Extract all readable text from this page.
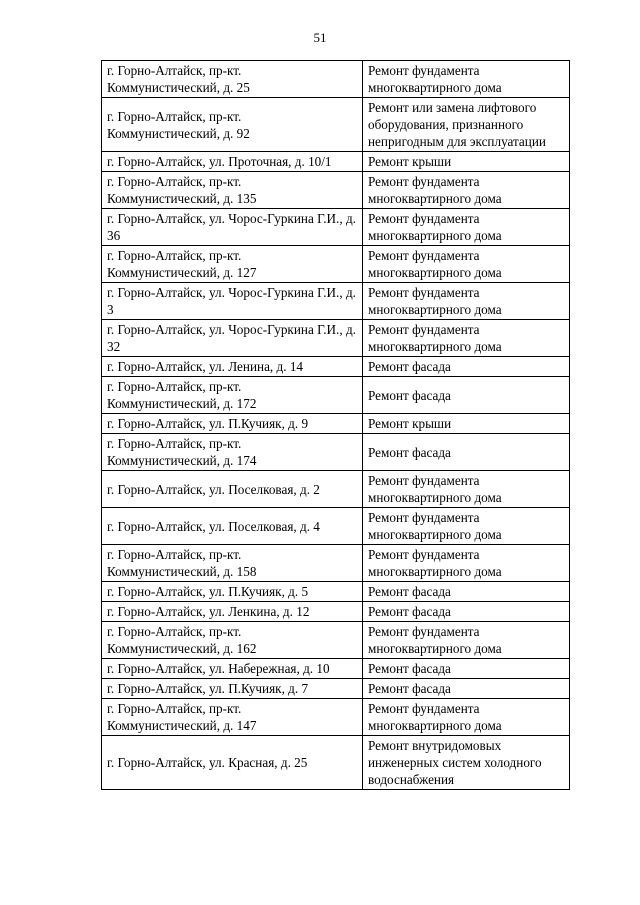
51
г. Горно-Алтайск, пр-кт. Коммунистический, д. 25	Ремонт фундамента многоквартирного дома
г. Горно-Алтайск, пр-кт. Коммунистический, д. 92	Ремонт или замена лифтового оборудования, признанного непригодным для эксплуатации
г. Горно-Алтайск, ул. Проточная, д. 10/1	Ремонт крыши
г. Горно-Алтайск, пр-кт. Коммунистический, д. 135	Ремонт фундамента многоквартирного дома
г. Горно-Алтайск, ул. Чорос-Гуркина Г.И., д. 36	Ремонт фундамента многоквартирного дома
г. Горно-Алтайск, пр-кт. Коммунистический, д. 127	Ремонт фундамента многоквартирного дома
г. Горно-Алтайск, ул. Чорос-Гуркина Г.И., д. 3	Ремонт фундамента многоквартирного дома
г. Горно-Алтайск, ул. Чорос-Гуркина Г.И., д. 32	Ремонт фундамента многоквартирного дома
г. Горно-Алтайск, ул. Ленина, д. 14	Ремонт фасада
г. Горно-Алтайск, пр-кт. Коммунистический, д. 172	Ремонт фасада
г. Горно-Алтайск, ул. П.Кучияк, д. 9	Ремонт крыши
г. Горно-Алтайск, пр-кт. Коммунистический, д. 174	Ремонт фасада
г. Горно-Алтайск, ул. Поселковая, д. 2	Ремонт фундамента многоквартирного дома
г. Горно-Алтайск, ул. Поселковая, д. 4	Ремонт фундамента многоквартирного дома
г. Горно-Алтайск, пр-кт. Коммунистический, д. 158	Ремонт фундамента многоквартирного дома
г. Горно-Алтайск, ул. П.Кучияк, д. 5	Ремонт фасада
г. Горно-Алтайск, ул. Ленкина, д. 12	Ремонт фасада
г. Горно-Алтайск, пр-кт. Коммунистический, д. 162	Ремонт фундамента многоквартирного дома
г. Горно-Алтайск, ул. Набережная, д. 10	Ремонт фасада
г. Горно-Алтайск, ул. П.Кучияк, д. 7	Ремонт фасада
г. Горно-Алтайск, пр-кт. Коммунистический, д. 147	Ремонт фундамента многоквартирного дома
г. Горно-Алтайск, ул. Красная, д. 25	Ремонт внутридомовых инженерных систем холодного водоснабжения
